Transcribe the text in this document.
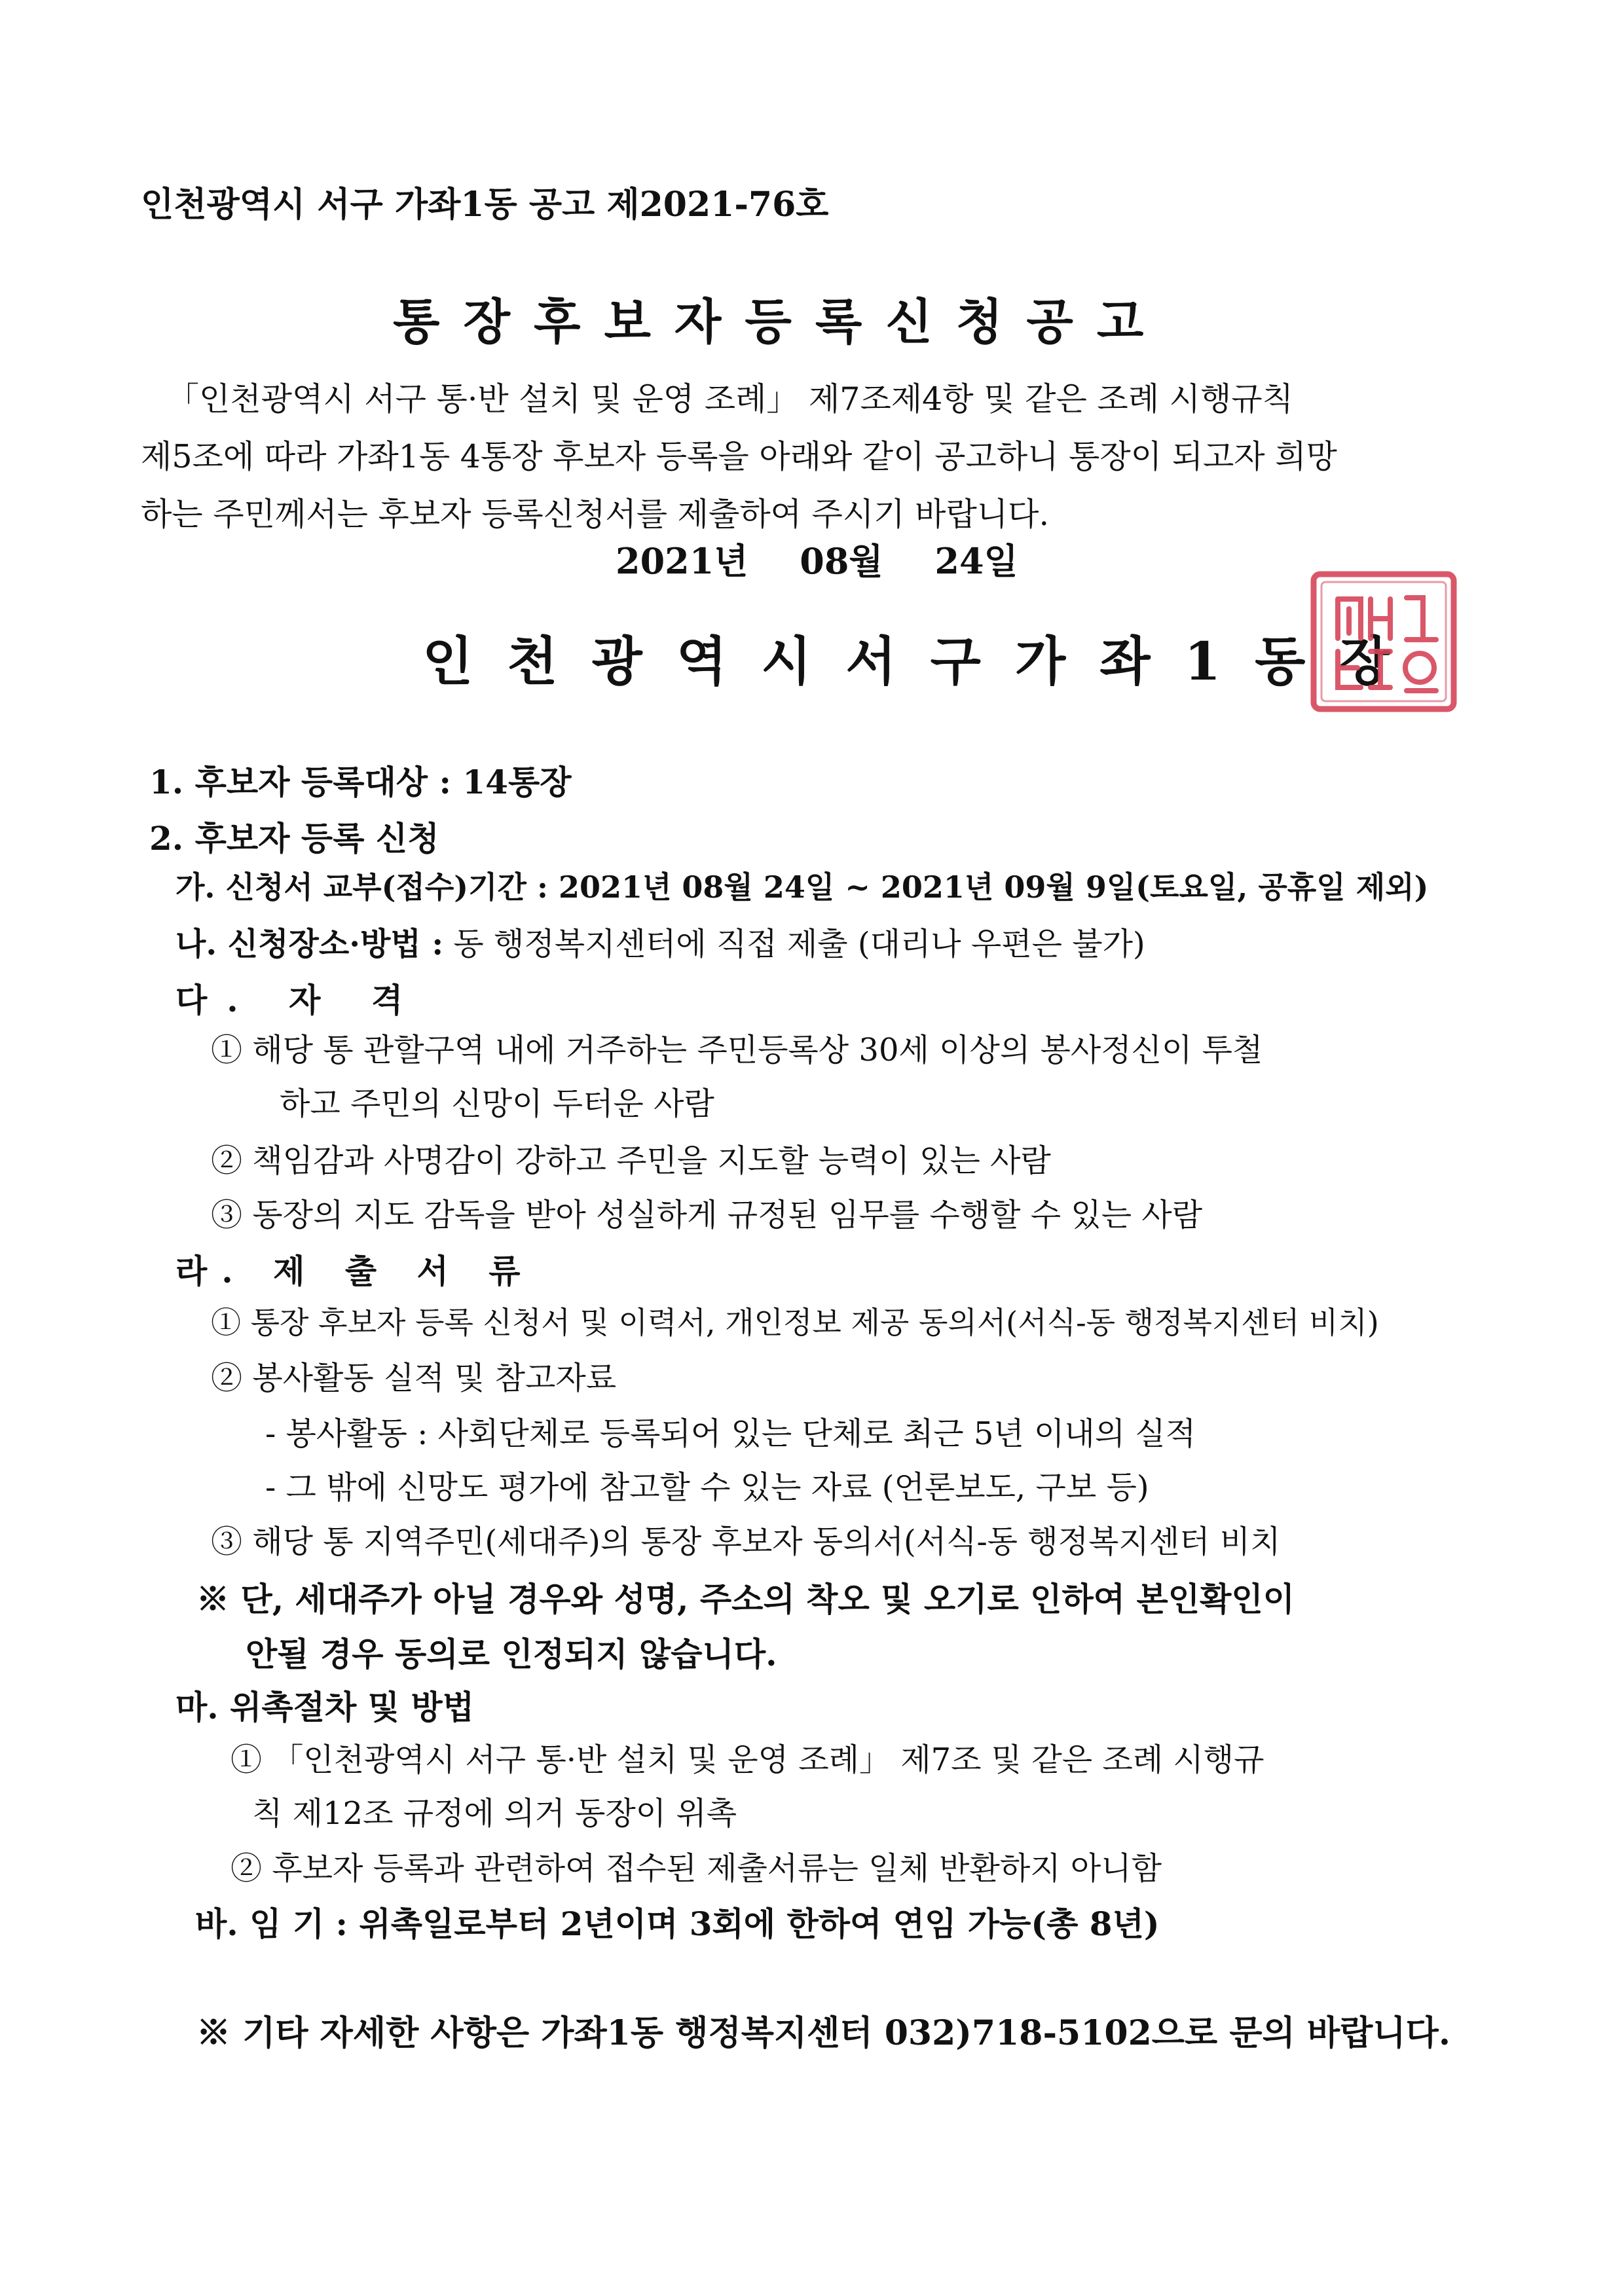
인천광역시 서구 가좌1동 공고 제2021-76호
통장후보자등록신청공고
「인천광역시 서구 통·반 설치 및 운영 조례」 제7조제4항 및 같은 조례 시행규칙
제5조에 따라 가좌1동 4통장 후보자 등록을 아래와 같이 공고하니 통장이 되고자 희망
하는 주민께서는 후보자 등록신청서를 제출하여 주시기 바랍니다.
2021년 08월 24일
인천광역시서구가좌1동장
1. 후보자 등록대상 : 14통장
2. 후보자 등록 신청
가. 신청서 교부(접수)기간 : 2021년 08월 24일 ~ 2021년 09월 9일(토요일, 공휴일 제외)
나. 신청장소·방법 : 동 행정복지센터에 직접 제출 (대리나 우편은 불가)
다. 자 격
① 해당 통 관할구역 내에 거주하는 주민등록상 30세 이상의 봉사정신이 투철
하고 주민의 신망이 두터운 사람
② 책임감과 사명감이 강하고 주민을 지도할 능력이 있는 사람
③ 동장의 지도 감독을 받아 성실하게 규정된 임무를 수행할 수 있는 사람
라. 제 출 서 류
① 통장 후보자 등록 신청서 및 이력서, 개인정보 제공 동의서(서식-동 행정복지센터 비치)
② 봉사활동 실적 및 참고자료
- 봉사활동 : 사회단체로 등록되어 있는 단체로 최근 5년 이내의 실적
- 그 밖에 신망도 평가에 참고할 수 있는 자료 (언론보도, 구보 등)
③ 해당 통 지역주민(세대주)의 통장 후보자 동의서(서식-동 행정복지센터 비치
※ 단, 세대주가 아닐 경우와 성명, 주소의 착오 및 오기로 인하여 본인확인이
안될 경우 동의로 인정되지 않습니다.
마. 위촉절차 및 방법
① 「인천광역시 서구 통·반 설치 및 운영 조례」 제7조 및 같은 조례 시행규
칙 제12조 규정에 의거 동장이 위촉
② 후보자 등록과 관련하여 접수된 제출서류는 일체 반환하지 아니함
바. 임 기 : 위촉일로부터 2년이며 3회에 한하여 연임 가능(총 8년)
※ 기타 자세한 사항은 가좌1동 행정복지센터 032)718-5102으로 문의 바랍니다.
